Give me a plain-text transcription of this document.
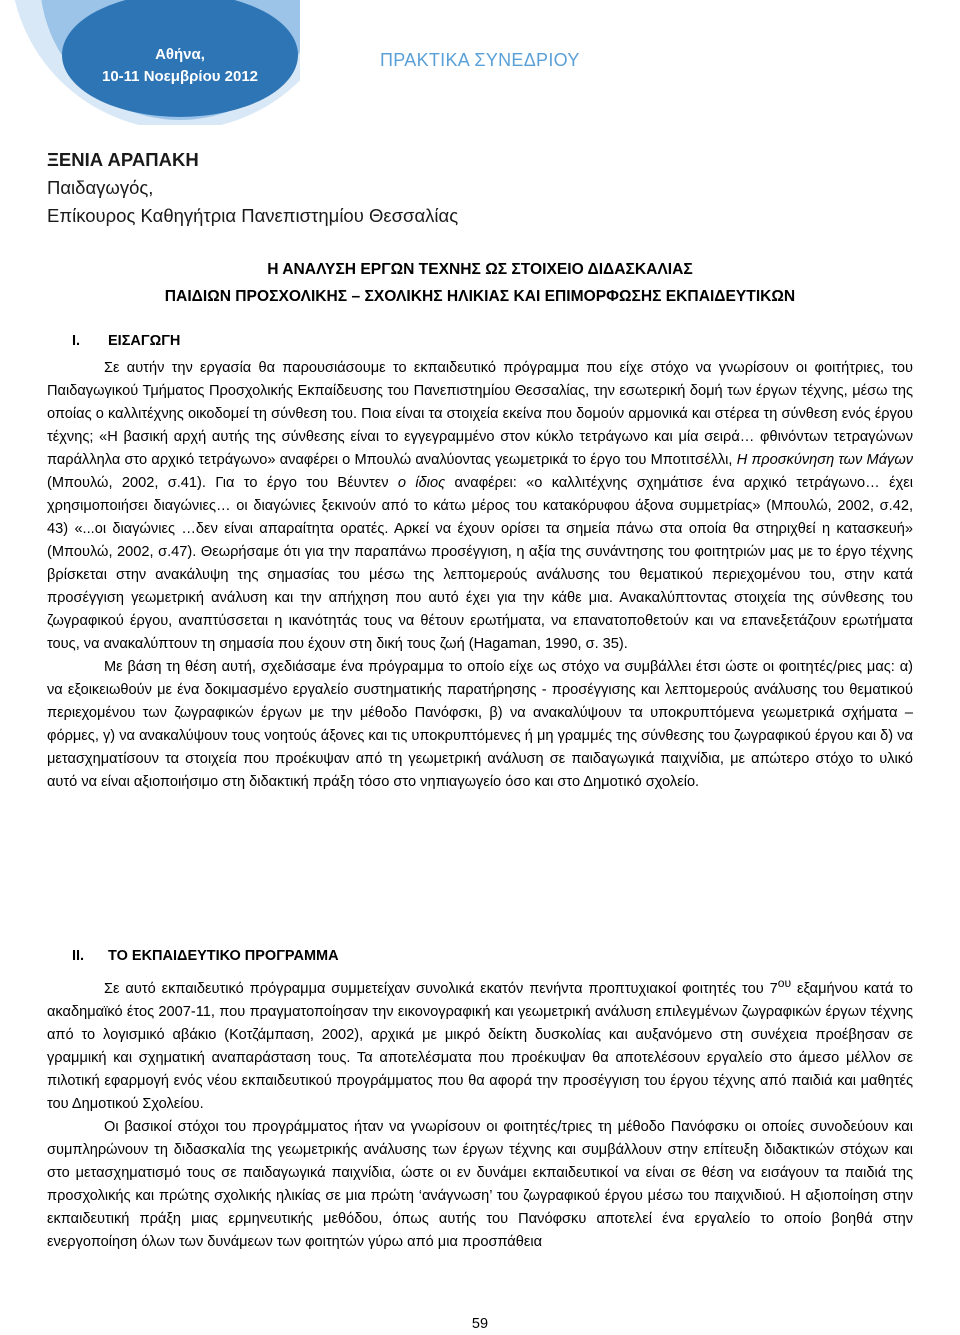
Αθήνα,
10-11 Νοεμβρίου 2012
ΠΡΑΚΤΙΚΑ ΣΥΝΕΔΡΙΟΥ
ΞΕΝΙΑ ΑΡΑΠΑΚΗ
Παιδαγωγός,
Επίκουρος Καθηγήτρια Πανεπιστημίου Θεσσαλίας
Η ΑΝΑΛΥΣΗ ΕΡΓΩΝ ΤΕΧΝΗΣ ΩΣ ΣΤΟΙΧΕΙΟ ΔΙΔΑΣΚΑΛΙΑΣ
ΠΑΙΔΙΩΝ ΠΡΟΣΧΟΛΙΚΗΣ – ΣΧΟΛΙΚΗΣ ΗΛΙΚΙΑΣ ΚΑΙ ΕΠΙΜΟΡΦΩΣΗΣ ΕΚΠΑΙΔΕΥΤΙΚΩΝ
I. ΕΙΣΑΓΩΓΗ

Σε αυτήν την εργασία θα παρουσιάσουμε το εκπαιδευτικό πρόγραμμα που είχε στόχο να γνωρίσουν οι φοιτήτριες, του Παιδαγωγικού Τμήματος Προσχολικής Εκπαίδευσης του Πανεπιστημίου Θεσσαλίας, την εσωτερική δομή των έργων τέχνης, μέσω της οποίας ο καλλιτέχνης οικοδομεί τη σύνθεση του. Ποια είναι τα στοιχεία εκείνα που δομούν αρμονικά και στέρεα τη σύνθεση ενός έργου τέχνης; «Η βασική αρχή αυτής της σύνθεσης είναι το εγγεγραμμένο στον κύκλο τετράγωνο και μία σειρά… φθινόντων τετραγώνων παράλληλα στο αρχικό τετράγωνο» αναφέρει ο Μπουλώ αναλύοντας γεωμετρικά το έργο του Μποτιτσέλλι, Η προσκύνηση των Μάγων (Μπουλώ, 2002, σ.41). Για το έργο του Βέυντεν ο ίδιος αναφέρει: «ο καλλιτέχνης σχημάτισε ένα αρχικό τετράγωνο… έχει χρησιμοποιήσει διαγώνιες… οι διαγώνιες ξεκινούν από το κάτω μέρος του κατακόρυφου άξονα συμμετρίας» (Μπουλώ, 2002, σ.42, 43) «...οι διαγώνιες …δεν είναι απαραίτητα ορατές. Αρκεί να έχουν ορίσει τα σημεία πάνω στα οποία θα στηριχθεί η κατασκευή» (Μπουλώ, 2002, σ.47). Θεωρήσαμε ότι για την παραπάνω προσέγγιση, η αξία της συνάντησης του φοιτητριών μας με το έργο τέχνης βρίσκεται στην ανακάλυψη της σημασίας του μέσω της λεπτομερούς ανάλυσης του θεματικού περιεχομένου του, στην κατά προσέγγιση γεωμετρική ανάλυση και την απήχηση που αυτό έχει για την κάθε μια. Ανακαλύπτοντας στοιχεία της σύνθεσης του ζωγραφικού έργου, αναπτύσσεται η ικανότητάς τους να θέτουν ερωτήματα, να επανατοποθετούν και να επανεξετάζουν ερωτήματα τους, να ανακαλύπτουν τη σημασία που έχουν στη δική τους ζωή (Hagaman, 1990, σ. 35).

Με βάση τη θέση αυτή, σχεδιάσαμε ένα πρόγραμμα το οποίο είχε ως στόχο να συμβάλλει έτσι ώστε οι φοιτητές/ριες μας: α) να εξοικειωθούν με ένα δοκιμασμένο εργαλείο συστηματικής παρατήρησης - προσέγγισης και λεπτομερούς ανάλυσης του θεματικού περιεχομένου των ζωγραφικών έργων με την μέθοδο Πανόφσκι, β) να ανακαλύψουν τα υποκρυπτόμενα γεωμετρικά σχήματα – φόρμες, γ) να ανακαλύψουν τους νοητούς άξονες και τις υποκρυπτόμενες ή μη γραμμές της σύνθεσης του ζωγραφικού έργου και δ) να μετασχηματίσουν τα στοιχεία που προέκυψαν από τη γεωμετρική ανάλυση σε παιδαγωγικά παιχνίδια, με απώτερο στόχο το υλικό αυτό να είναι αξιοποιήσιμο στη διδακτική πράξη τόσο στο νηπιαγωγείο όσο και στο Δημοτικό σχολείο.

II. ΤΟ ΕΚΠΑΙΔΕΥΤΙΚΟ ΠΡΟΓΡΑΜΜΑ

Σε αυτό εκπαιδευτικό πρόγραμμα συμμετείχαν συνολικά εκατόν πενήντα προπτυχιακοί φοιτητές του $7^{o\upsilon}$ εξαμήνου κατά το ακαδημαϊκό έτος 2007-11, που πραγματοποίησαν την εικονογραφική και γεωμετρική ανάλυση επιλεγμένων ζωγραφικών έργων τέχνης από το λογισμικό αβάκιο (Κοτζάμπαση, 2002), αρχικά με μικρό δείκτη δυσκολίας και αυξανόμενο στη συνέχεια προέβησαν σε γραμμική και σχηματική αναπαράσταση τους. Τα αποτελέσματα που προέκυψαν θα αποτελέσουν εργαλείο στο άμεσο μέλλον σε πιλοτική εφαρμογή ενός νέου εκπαιδευτικού προγράμματος που θα αφορά την προσέγγιση του έργου τέχνης από παιδιά και μαθητές του Δημοτικού Σχολείου.

Οι βασικοί στόχοι του προγράμματος ήταν να γνωρίσουν οι φοιτητές/τριες τη μέθοδο Πανόφσκυ οι οποίες συνοδεύουν και συμπληρώνουν τη διδασκαλία της γεωμετρικής ανάλυσης των έργων τέχνης και συμβάλλουν στην επίτευξη διδακτικών στόχων και στο μετασχηματισμό τους σε παιδαγωγικά παιχνίδια, ώστε οι εν δυνάμει εκπαιδευτικοί να είναι σε θέση να εισάγουν τα παιδιά της προσχολικής και πρώτης σχολικής ηλικίας σε μια πρώτη ‘ανάγνωση’ του ζωγραφικού έργου μέσω του παιχνιδιού. Η αξιοποίηση στην εκπαιδευτική πράξη μιας ερμηνευτικής μεθόδου, όπως αυτής του Πανόφσκυ αποτελεί ένα εργαλείο το οποίο βοηθά στην ενεργοποίηση όλων των δυνάμεων των φοιτητών γύρω από μια προσπάθεια

59
